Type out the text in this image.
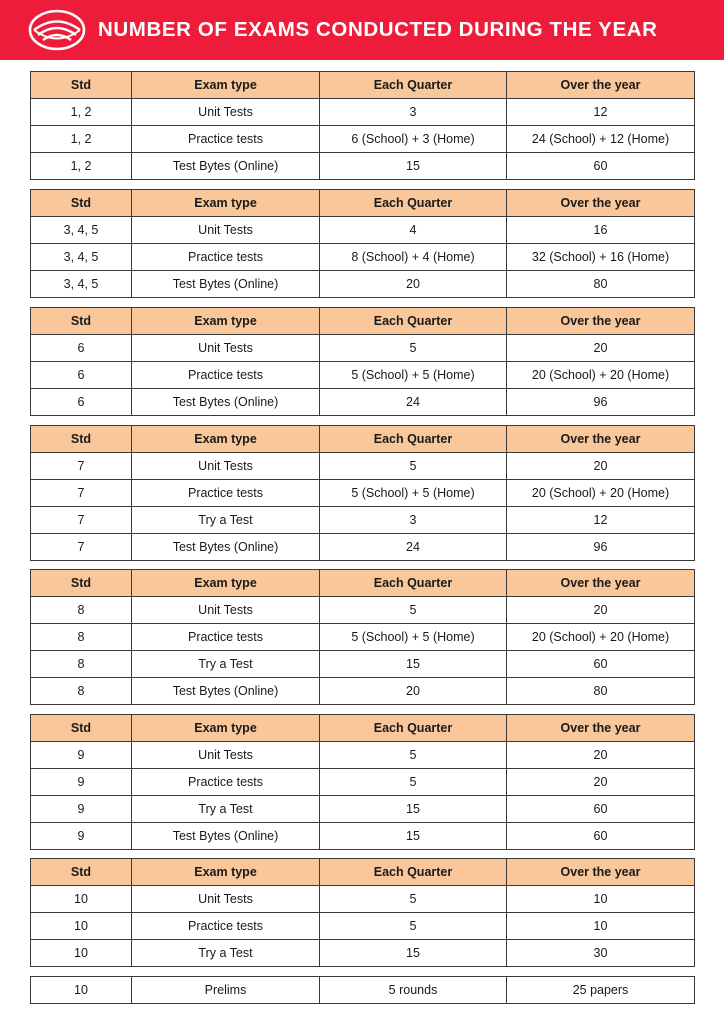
NUMBER OF EXAMS CONDUCTED DURING THE YEAR
Std	Exam type	Each Quarter	Over the year
1, 2	Unit Tests	3	12
1, 2	Practice tests	6 (School) + 3 (Home)	24 (School) + 12 (Home)
1, 2	Test Bytes (Online)	15	60
Std	Exam type	Each Quarter	Over the year
3, 4, 5	Unit Tests	4	16
3, 4, 5	Practice tests	8 (School) + 4 (Home)	32 (School) + 16 (Home)
3, 4, 5	Test Bytes (Online)	20	80
Std	Exam type	Each Quarter	Over the year
6	Unit Tests	5	20
6	Practice tests	5 (School) + 5 (Home)	20 (School) + 20 (Home)
6	Test Bytes (Online)	24	96
Std	Exam type	Each Quarter	Over the year
7	Unit Tests	5	20
7	Practice tests	5 (School) + 5 (Home)	20 (School) + 20 (Home)
7	Try a Test	3	12
7	Test Bytes (Online)	24	96
Std	Exam type	Each Quarter	Over the year
8	Unit Tests	5	20
8	Practice tests	5 (School) + 5 (Home)	20 (School) + 20 (Home)
8	Try a Test	15	60
8	Test Bytes (Online)	20	80
Std	Exam type	Each Quarter	Over the year
9	Unit Tests	5	20
9	Practice tests	5	20
9	Try a Test	15	60
9	Test Bytes (Online)	15	60
Std	Exam type	Each Quarter	Over the year
10	Unit Tests	5	10
10	Practice tests	5	10
10	Try a Test	15	30
10	Prelims	5 rounds	25 papers
